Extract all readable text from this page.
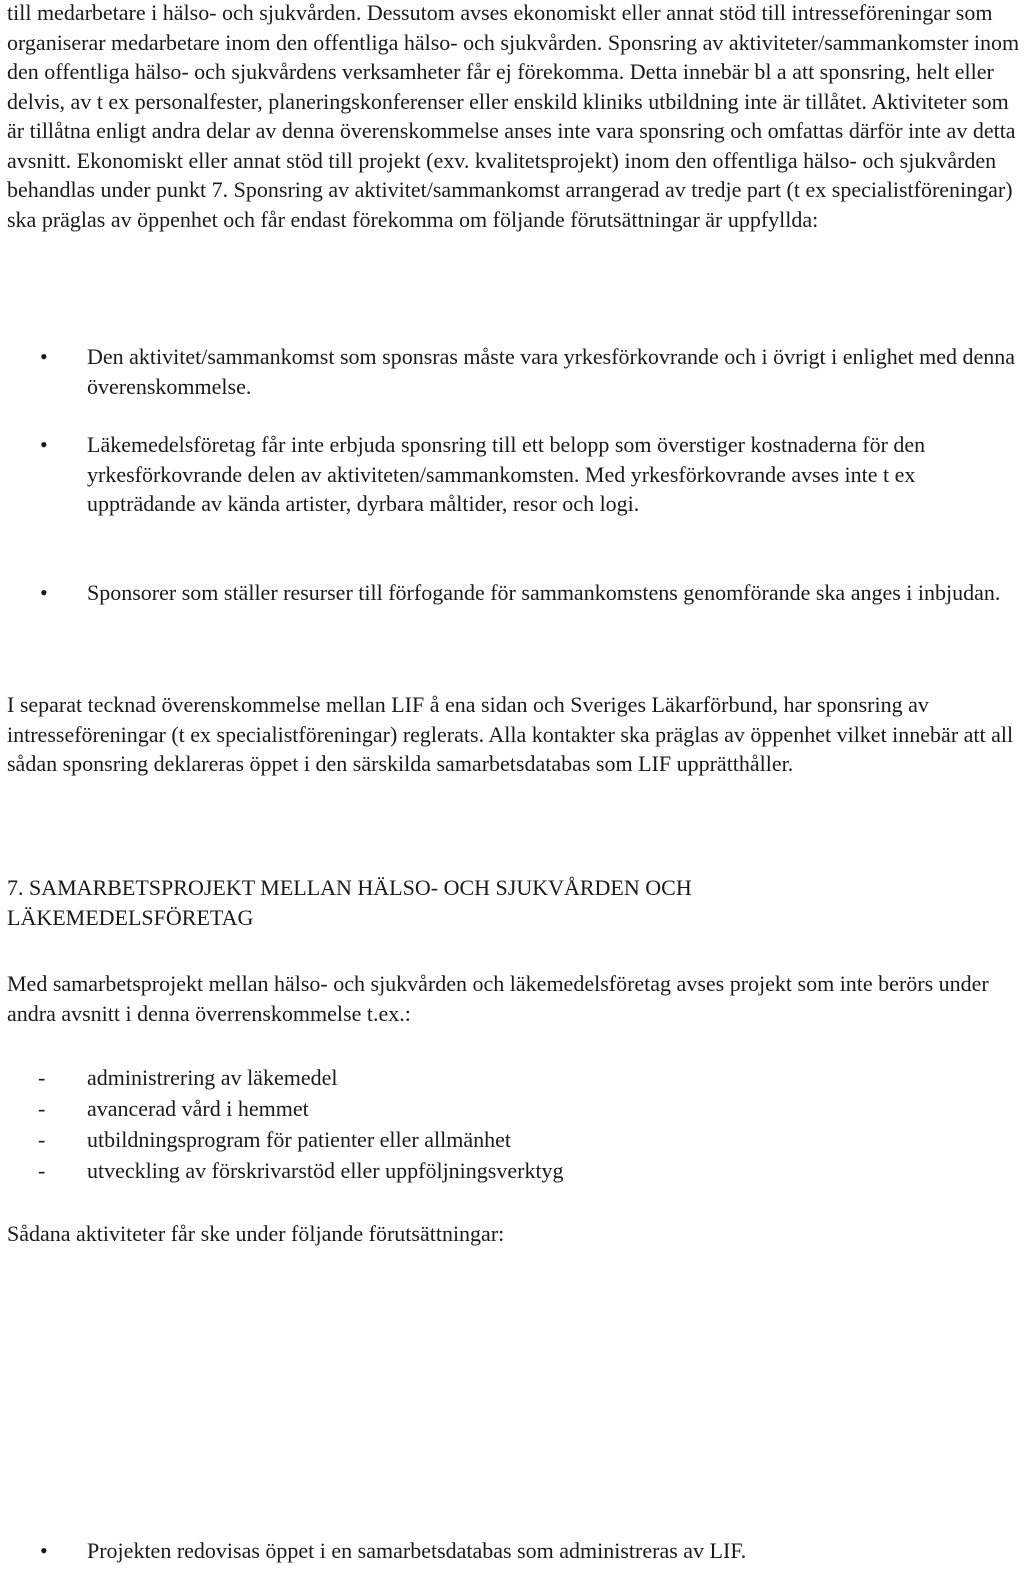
till medarbetare i hälso- och sjukvården. Dessutom avses ekonomiskt eller annat stöd till intresseföreningar som organiserar medarbetare inom den offentliga hälso- och sjukvården. Sponsring av aktiviteter/sammankomster inom den offentliga hälso- och sjukvårdens verksamheter får ej förekomma. Detta innebär bl a att sponsring, helt eller delvis, av t ex personalfester, planeringskonferenser eller enskild kliniks utbildning inte är tillåtet. Aktiviteter som är tillåtna enligt andra delar av denna överenskommelse anses inte vara sponsring och omfattas därför inte av detta avsnitt. Ekonomiskt eller annat stöd till projekt (exv. kvalitetsprojekt) inom den offentliga hälso- och sjukvården behandlas under punkt 7. Sponsring av aktivitet/sammankomst arrangerad av tredje part (t ex specialistföreningar) ska präglas av öppenhet och får endast förekomma om följande förutsättningar är uppfyllda:

• Den aktivitet/sammankomst som sponsras måste vara yrkesförkovrande och i övrigt i enlighet med denna överenskommelse.
• Läkemedelsföretag får inte erbjuda sponsring till ett belopp som överstiger kostnaderna för den yrkesförkovrande delen av aktiviteten/sammankomsten. Med yrkesförkovrande avses inte t ex uppträdande av kända artister, dyrbara måltider, resor och logi.
• Sponsorer som ställer resurser till förfogande för sammankomstens genomförande ska anges i inbjudan.

I separat tecknad överenskommelse mellan LIF å ena sidan och Sveriges Läkarförbund, har sponsring av intresseföreningar (t ex specialistföreningar) reglerats. Alla kontakter ska präglas av öppenhet vilket innebär att all sådan sponsring deklareras öppet i den särskilda samarbetsdatabas som LIF upprätthåller.

7. SAMARBETSPROJEKT MELLAN HÄLSO- OCH SJUKVÅRDEN OCH LÄKEMEDELSFÖRETAG

Med samarbetsprojekt mellan hälso- och sjukvården och läkemedelsföretag avses projekt som inte berörs under andra avsnitt i denna överrenskommelse t.ex.:

- administrering av läkemedel
- avancerad vård i hemmet
- utbildningsprogram för patienter eller allmänhet
- utveckling av förskrivarstöd eller uppföljningsverktyg

Sådana aktiviteter får ske under följande förutsättningar:

• Projekten redovisas öppet i en samarbetsdatabas som administreras av LIF.
